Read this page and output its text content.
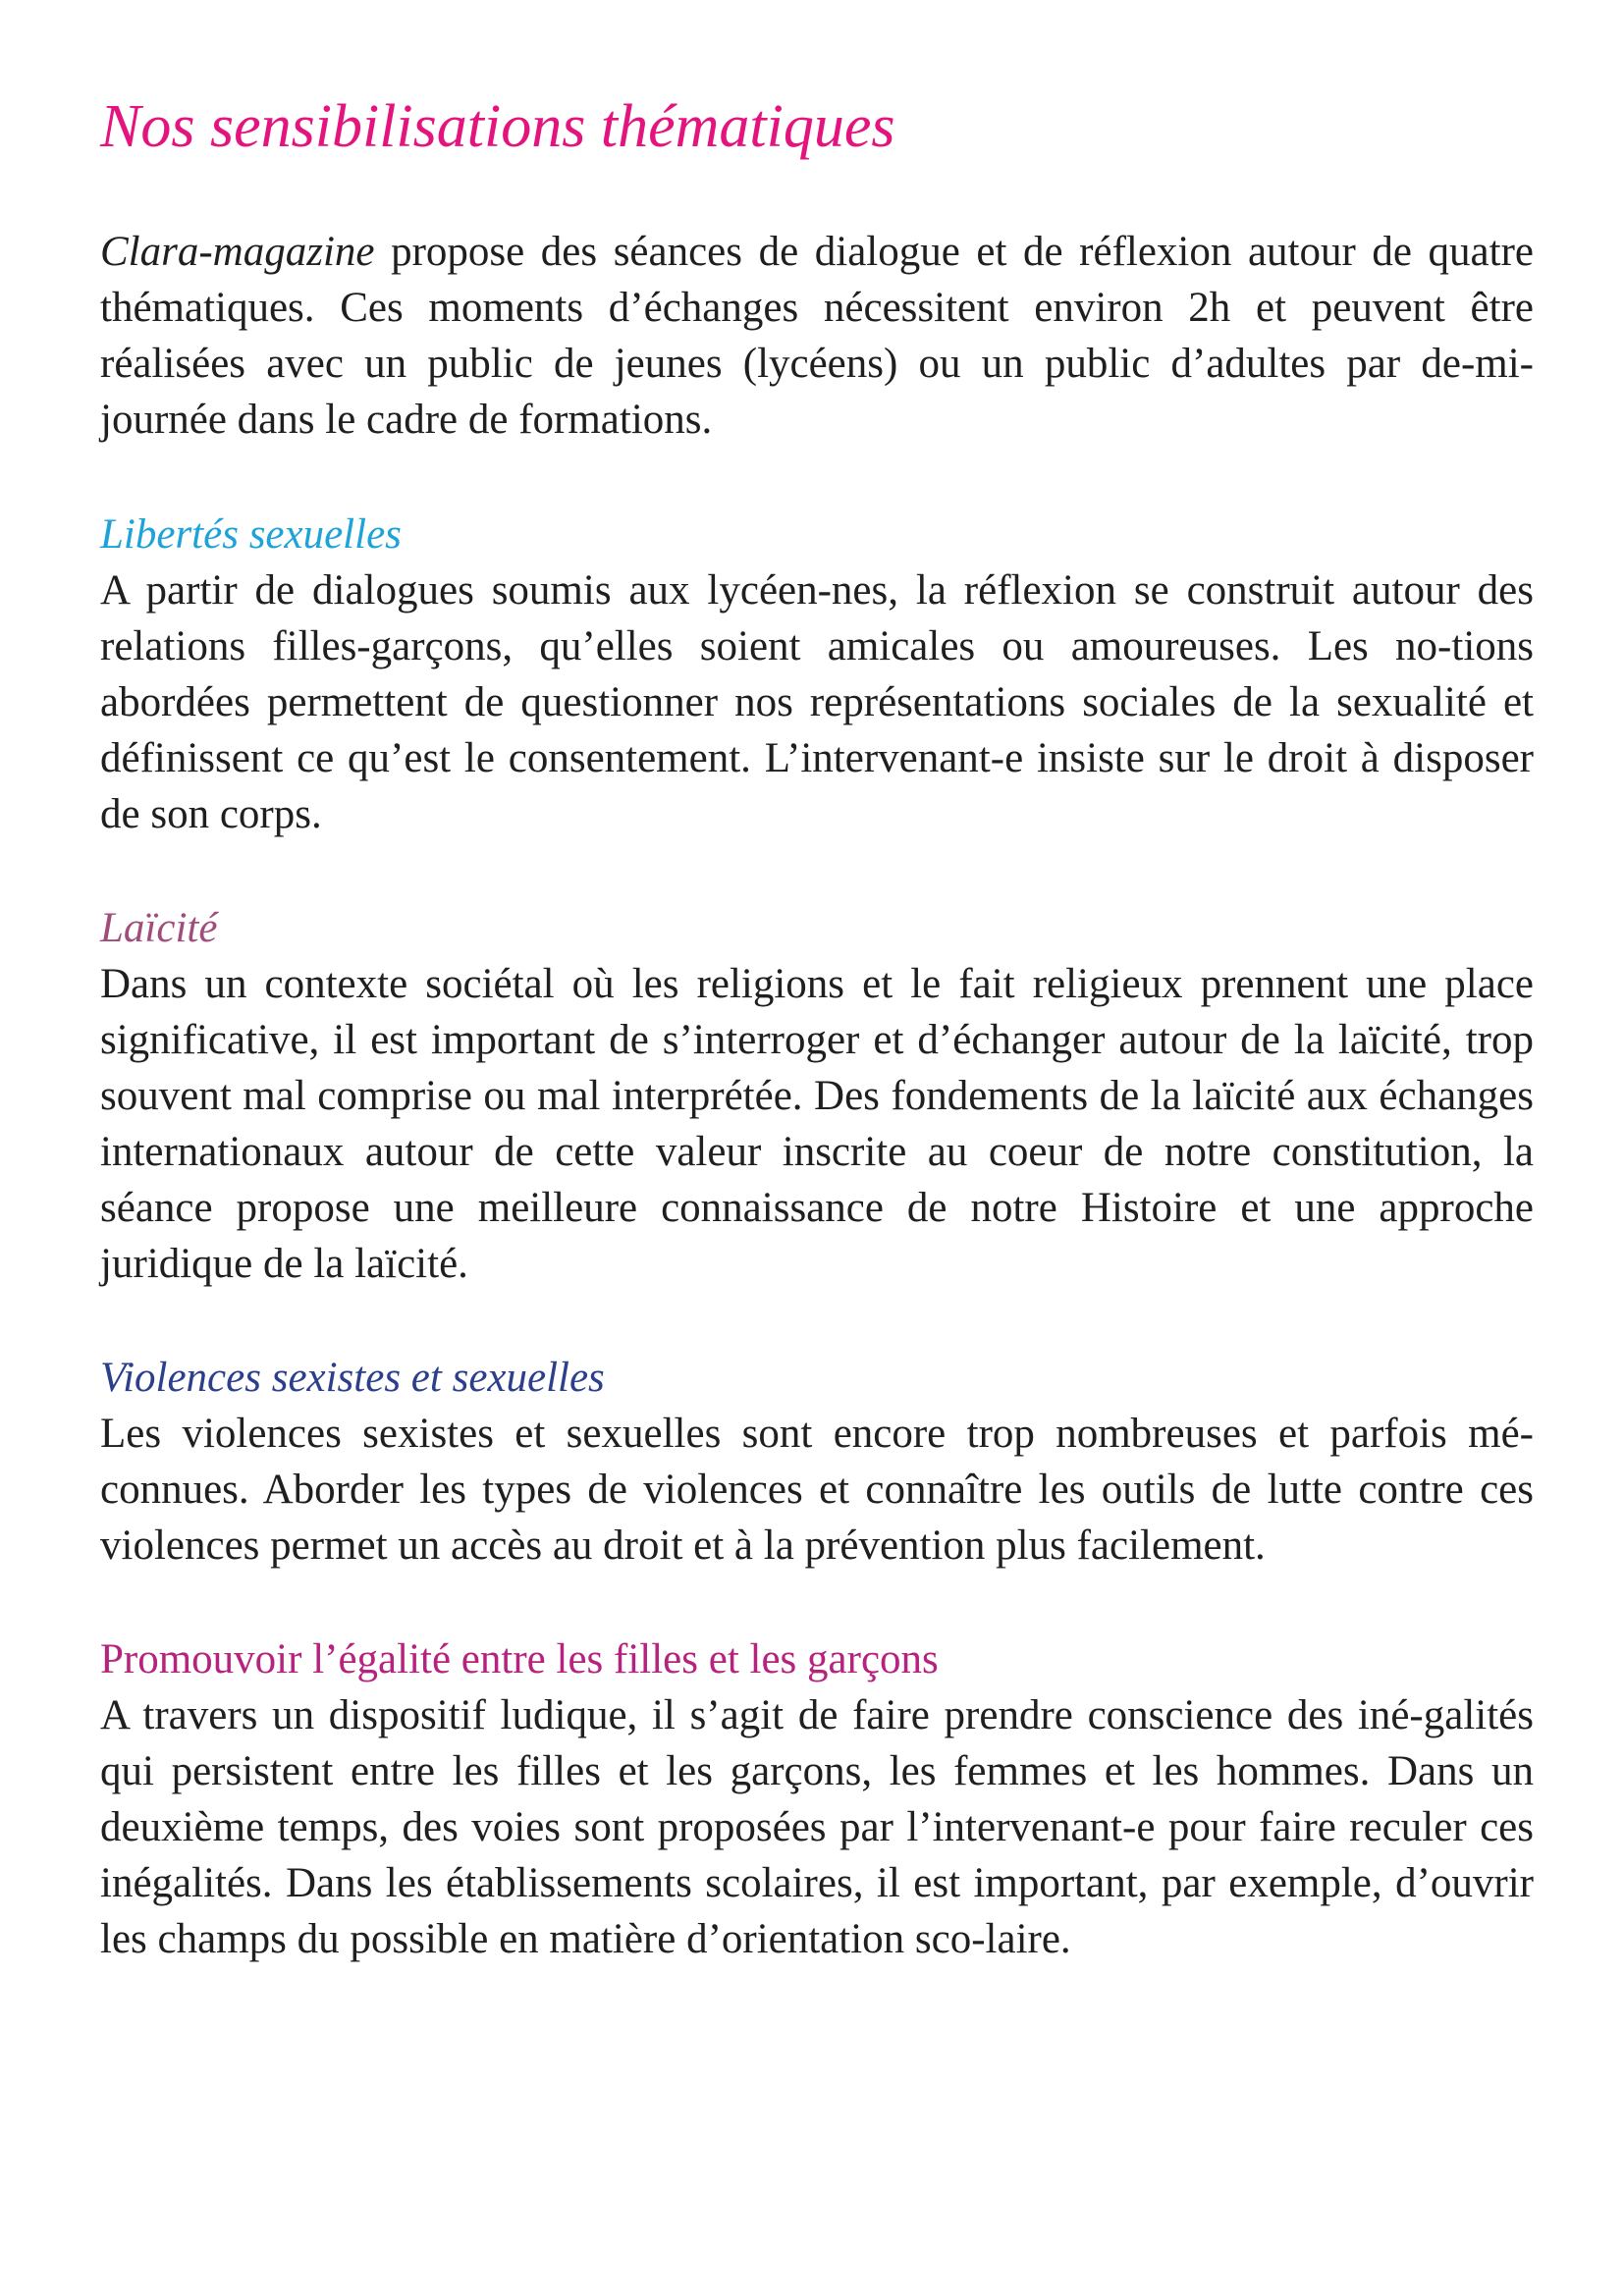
Nos sensibilisations thématiques

Clara-magazine propose des séances de dialogue et de réflexion autour de quatre thématiques. Ces moments d’échanges nécessitent environ 2h et peuvent être réalisées avec un public de jeunes (lycéens) ou un public d’adultes par de-mi-journée dans le cadre de formations.

Libertés sexuelles

A partir de dialogues soumis aux lycéen-nes, la réflexion se construit autour des relations filles-garçons, qu’elles soient amicales ou amoureuses. Les no-tions abordées permettent de questionner nos représentations sociales de la sexualité et définissent ce qu’est le consentement. L’intervenant-e insiste sur le droit à disposer de son corps.

Laïcité

Dans un contexte sociétal où les religions et le fait religieux prennent une place significative, il est important de s’interroger et d’échanger autour de la laïcité, trop souvent mal comprise ou mal interprétée. Des fondements de la laïcité aux échanges internationaux autour de cette valeur inscrite au coeur de notre constitution, la séance propose une meilleure connaissance de notre Histoire et une approche juridique de la laïcité.

Violences sexistes et sexuelles

Les violences sexistes et sexuelles sont encore trop nombreuses et parfois mé-connues. Aborder les types de violences et connaître les outils de lutte contre ces violences permet un accès au droit et à la prévention plus facilement.

Promouvoir l’égalité entre les filles et les garçons

A travers un dispositif ludique, il s’agit de faire prendre conscience des iné-galités qui persistent entre les filles et les garçons, les femmes et les hommes. Dans un deuxième temps, des voies sont proposées par l’intervenant-e pour faire reculer ces inégalités. Dans les établissements scolaires, il est important, par exemple, d’ouvrir les champs du possible en matière d’orientation sco-laire.
